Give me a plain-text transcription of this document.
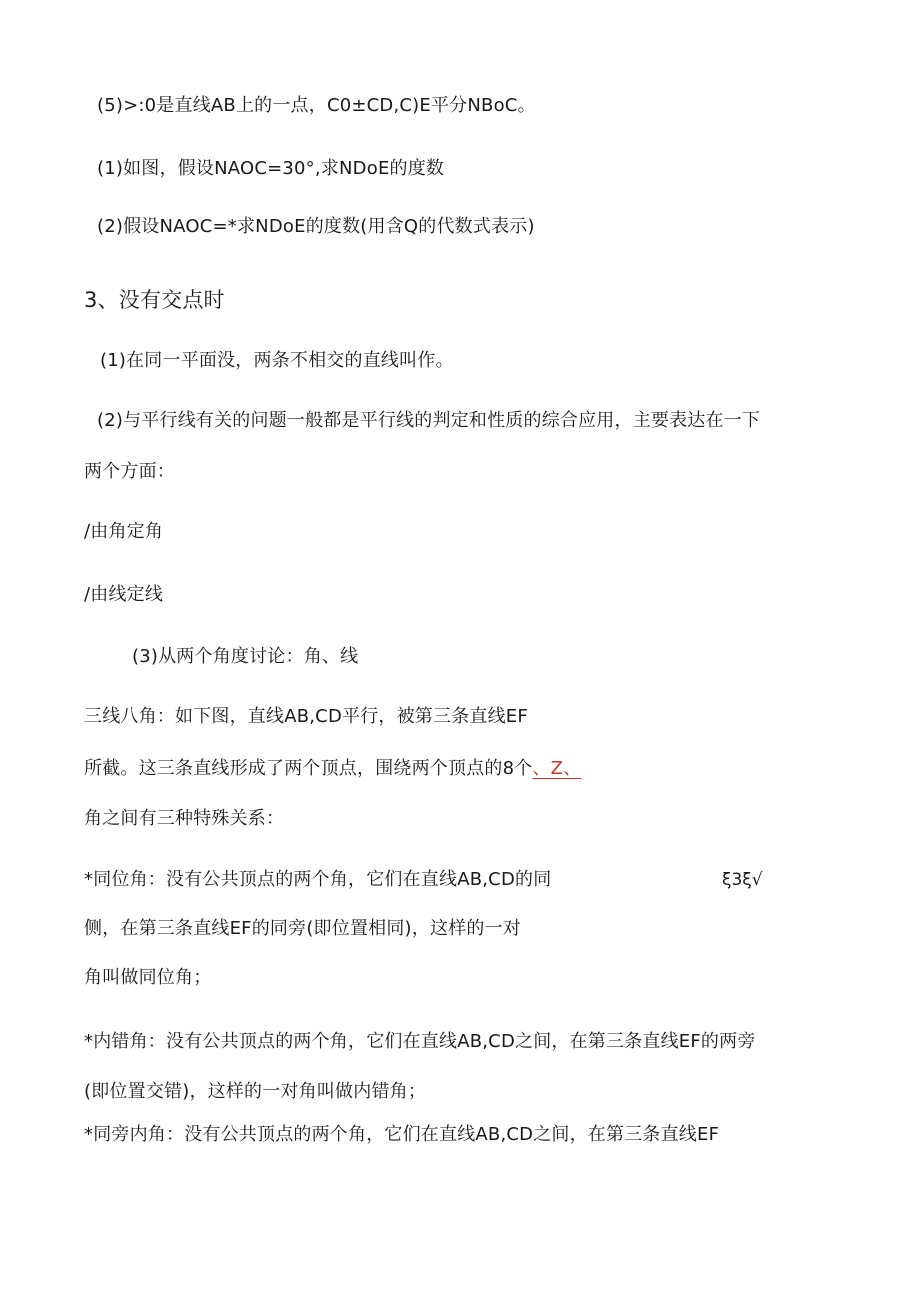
(5)>:0是直线AB上的一点，C0±CD,C)E平分NBoC。
(1)如图，假设NAOC=30°,求NDoE的度数
(2)假设NAOC=*求NDoE的度数(用含Q的代数式表示)
3、没有交点时
(1)在同一平面没，两条不相交的直线叫作。
(2)与平行线有关的问题一般都是平行线的判定和性质的综合应用，主要表达在一下
两个方面：
/由角定角
/由线定线
(3)从两个角度讨论：角、线
三线八角：如下图，直线AB,CD平行，被第三条直线EF
所截。这三条直线形成了两个顶点，围绕两个顶点的8个、Z、
角之间有三种特殊关系：
*同位角：没有公共顶点的两个角，它们在直线AB,CD的同	ξ3ξ√
侧，在第三条直线EF的同旁(即位置相同)，这样的一对
角叫做同位角；
*内错角：没有公共顶点的两个角，它们在直线AB,CD之间，在第三条直线EF的两旁
(即位置交错)，这样的一对角叫做内错角；
*同旁内角：没有公共顶点的两个角，它们在直线AB,CD之间，在第三条直线EF
